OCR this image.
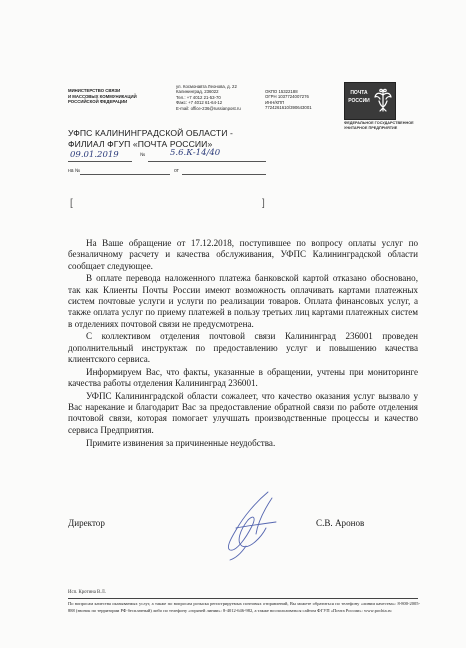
МИНИСТЕРСТВО СВЯЗИ
И МАССОВЫХ КОММУНИКАЦИЙ
РОССИЙСКОЙ ФЕДЕРАЦИИ
ул. Космонавта Леонова, д. 22
Калининград, 236022
Тел.: +7 4012 21-53-70
Факс: +7 4012 61-64-12
E-mail: office-236@russianpost.ru
ОКПО 15322188
ОГРН 1037724007276
ИНН/КПП
7724261610/390643001
ПОЧТА
РОССИИ
ФЕДЕРАЛЬНОЕ ГОСУДАРСТВЕННОЕ
УНИТАРНОЕ ПРЕДПРИЯТИЕ
УФПС КАЛИНИНГРАДСКОЙ ОБЛАСТИ -
ФИЛИАЛ ФГУП «ПОЧТА РОССИИ»
09.01.2019	№	5.6.К-14/40
на №	от
[	]

На Ваше обращение от 17.12.2018, поступившее по вопросу оплаты услуг по безналичному расчету и качества обслуживания, УФПС Калининградской области сообщает следующее.

В оплате перевода наложенного платежа банковской картой отказано обосновано, так как Клиенты Почты России имеют возможность оплачивать картами платежных систем почтовые услуги и услуги по реализации товаров. Оплата финансовых услуг, а также оплата услуг по приему платежей в пользу третьих лиц картами платежных систем в отделениях почтовой связи не предусмотрена.

С коллективом отделения почтовой связи Калининград 236001 проведен дополнительный инструктаж по предоставлению услуг и повышению качества клиентского сервиса.

Информируем Вас, что факты, указанные в обращении, учтены при мониторинге качества работы отделения Калининград 236001.

УФПС Калининградской области сожалеет, что качество оказания услуг вызвало у Вас нарекание и благодарит Вас за предоставление обратной связи по работе отделения почтовой связи, которая помогает улучшать производственные процессы и качество сервиса Предприятия.

Примите извинения за причиненные неудобства.

Директор	С.В. Аронов
Исп. Кротина В.Л.
По вопросам качества оказываемых услуг, а также по вопросам розыска регистрируемых почтовых отправлений, Вы можете обратиться по телефону «линии качества»: 8-800-2005-888 (звонок по территории РФ бесплатный) либо по телефону «горячей линии»: 8-4012-646-982, а также воспользоваться сайтом ФГУП «Почта России»: www.pochta.ru
